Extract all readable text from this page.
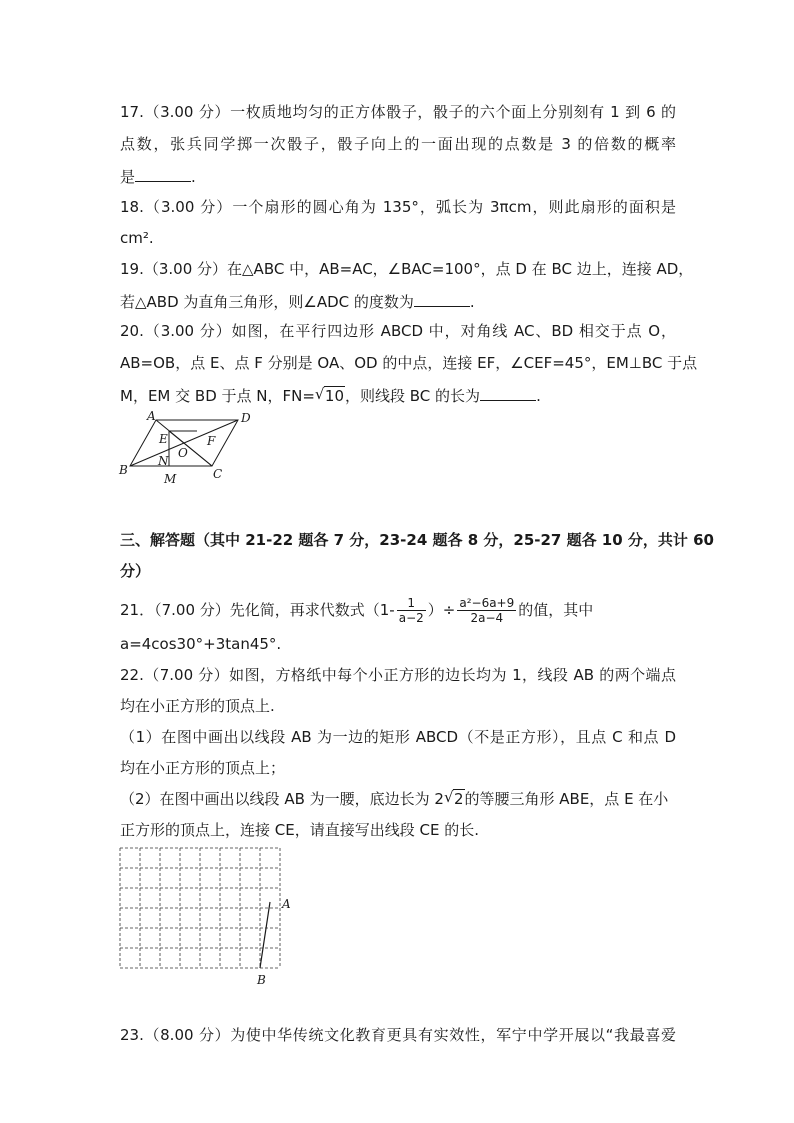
17.（3.00 分）一枚质地均匀的正方体骰子，骰子的六个面上分别刻有 1 到 6 的
点数，张兵同学掷一次骰子，骰子向上的一面出现的点数是 3 的倍数的概率
是	.
18.（3.00 分）一个扇形的圆心角为 135°，弧长为 3πcm，则此扇形的面积是
cm².
19.（3.00 分）在△ABC 中，AB=AC，∠BAC=100°，点 D 在 BC 边上，连接 AD，
若△ABD 为直角三角形，则∠ADC 的度数为	.
20.（3.00 分）如图，在平行四边形 ABCD 中，对角线 AC、BD 相交于点 O，
AB=OB，点 E、点 F 分别是 OA、OD 的中点，连接 EF，∠CEF=45°，EM⊥BC 于点
M，EM 交 BD 于点 N，FN= √ 10，则线段 BC 的长为	.
A	D
B	C
E	F
O
N
M
三、解答题（其中 21-22 题各 7 分，23-24 题各 8 分，25-27 题各 10 分，共计 60
分）
21．（7.00 分）先化简，再求代数式（$1- \frac{1}{a-2}$ ）÷ $\frac{\text{a²−6a+9}}{2a-4}$ 的值，其中
a=4cos30°+3tan45°.
22.（7.00 分）如图，方格纸中每个小正方形的边长均为 1，线段 AB 的两个端点
均在小正方形的顶点上.
（1）在图中画出以线段 AB 为一边的矩形 ABCD（不是正方形），且点 C 和点 D
均在小正方形的顶点上；
（2）在图中画出以线段 AB 为一腰，底边长为 2 √ 2的等腰三角形 ABE，点 E 在小
正方形的顶点上，连接 CE，请直接写出线段 CE 的长.
A
B
23.（8.00 分）为使中华传统文化教育更具有实效性，军宁中学开展以“我最喜爱
